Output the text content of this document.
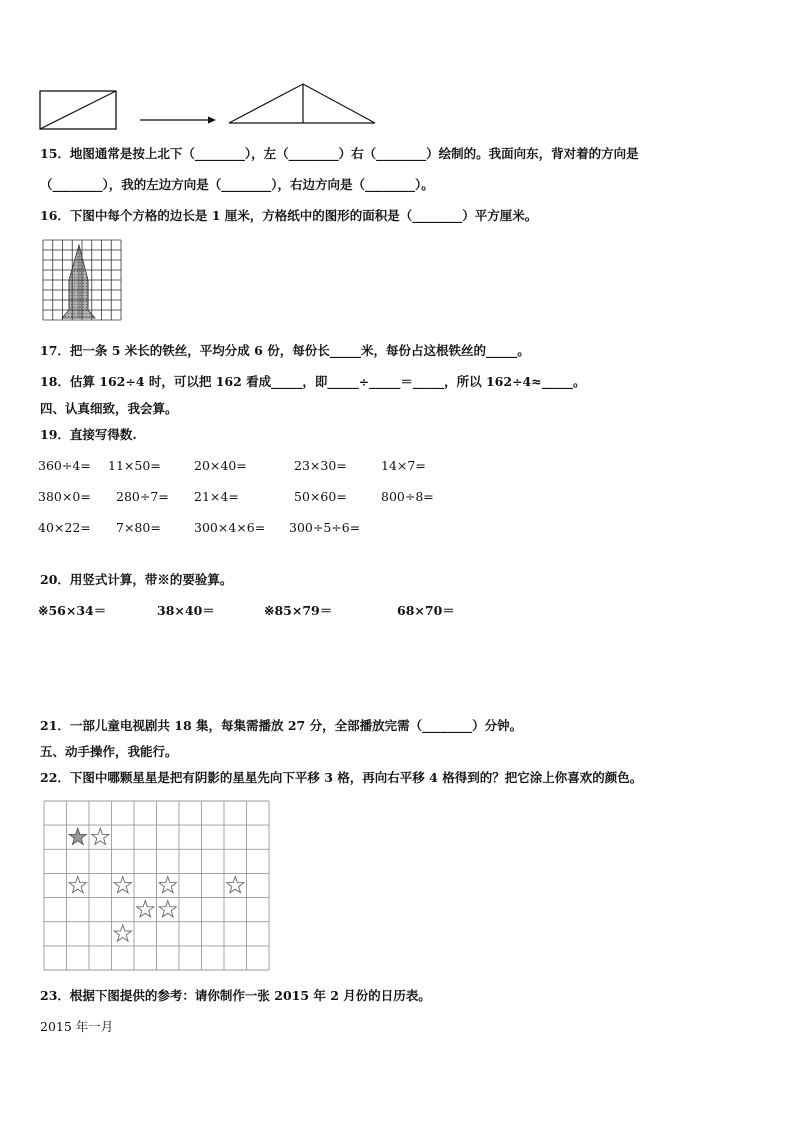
15．地图通常是按上北下（________），左（________）右（________）绘制的。我面向东，背对着的方向是
（________），我的左边方向是（________），右边方向是（________）。
16．下图中每个方格的边长是 1 厘米，方格纸中的图形的面积是（________）平方厘米。
17．把一条 5 米长的铁丝，平均分成 6 份，每份长_____米，每份占这根铁丝的_____。
18．估算 162÷4 时，可以把 162 看成_____，即_____÷_____＝_____，所以 162÷4≈_____。
四、认真细致，我会算。
19．直接写得数.
360÷4= 11×50=	20×40=	23×30=	14×7=
380×0= 280÷7= 21×4=	50×60=	800÷8=
40×22= 7×80=	300×4×6= 300÷5÷6=
20．用竖式计算，带※的要验算。
※56×34＝	38×40＝	※85×79＝	68×70＝
21．一部儿童电视剧共 18 集，每集需播放 27 分，全部播放完需（________）分钟。
五、动手操作，我能行。
22．下图中哪颗星星是把有阴影的星星先向下平移 3 格，再向右平移 4 格得到的？把它涂上你喜欢的颜色。
23．根据下图提供的参考：请你制作一张 2015 年 2 月份的日历表。
2015 年一月
